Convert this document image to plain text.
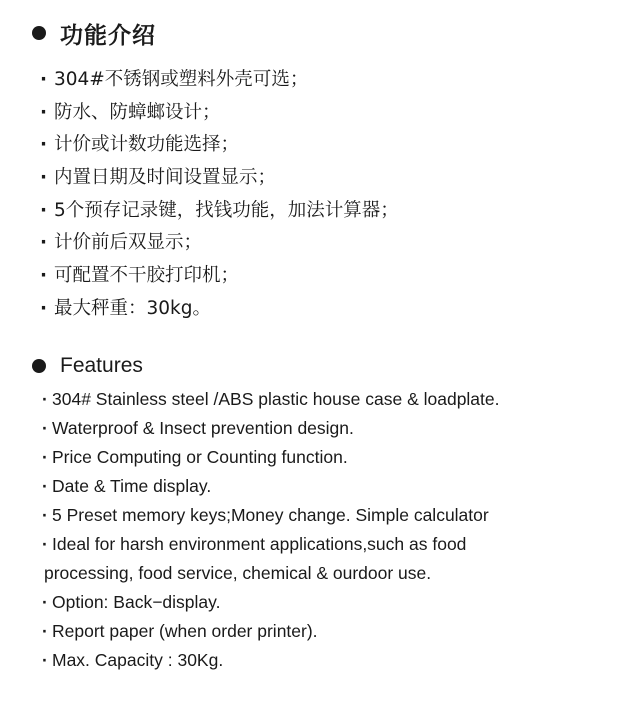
功能介绍
· 304#不锈钢或塑料外壳可选；
· 防水、防蟑螂设计；
· 计价或计数功能选择；
· 内置日期及时间设置显示；
· 5个预存记录键，找钱功能，加法计算器；
· 计价前后双显示；
· 可配置不干胶打印机；
· 最大秤重：30kg。
Features
· 304# Stainless steel /ABS plastic house case & loadplate.
· Waterproof & Insect prevention design.
· Price Computing or Counting function.
· Date & Time display.
· 5 Preset memory keys;Money change. Simple calculator
· Ideal for harsh environment applications,such as food
processing, food service, chemical & ourdoor use.
· Option: Back−display.
· Report paper (when order printer).
· Max. Capacity : 30Kg.
